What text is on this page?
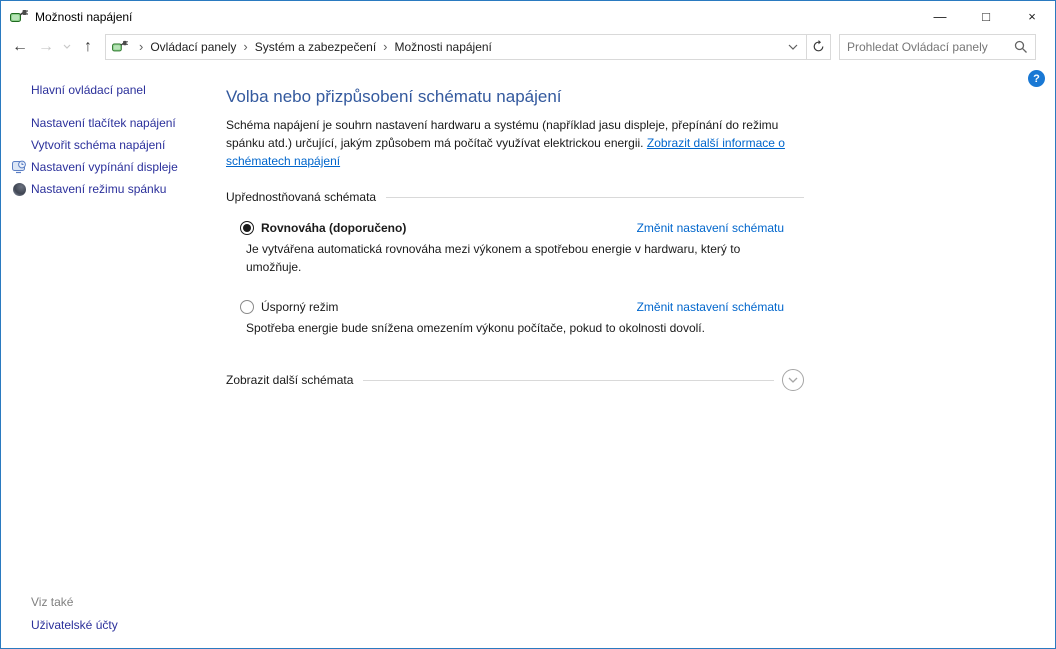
Možnosti napájení	—	□	×
← →	↑	› Ovládací panely › Systém a zabezpečení › Možnosti napájení
Prohledat Ovládací panely
?
Hlavní ovládací panel
Nastavení tlačítek napájení
Vytvořit schéma napájení
Nastavení vypínání displeje
Nastavení režimu spánku
Viz také
Uživatelské účty
Volba nebo přizpůsobení schématu napájení

Schéma napájení je souhrn nastavení hardwaru a systému (například jasu displeje, přepínání do režimu spánku atd.) určující, jakým způsobem má počítač využívat elektrickou energii. Zobrazit další informace o schématech napájení

Upřednostňovaná schémata
Rovnováha (doporučeno)	Změnit nastavení schématu
Je vytvářena automatická rovnováha mezi výkonem a spotřebou energie v hardwaru, který to umožňuje.
Úsporný režim	Změnit nastavení schématu
Spotřeba energie bude snížena omezením výkonu počítače, pokud to okolnosti dovolí.
Zobrazit další schémata
